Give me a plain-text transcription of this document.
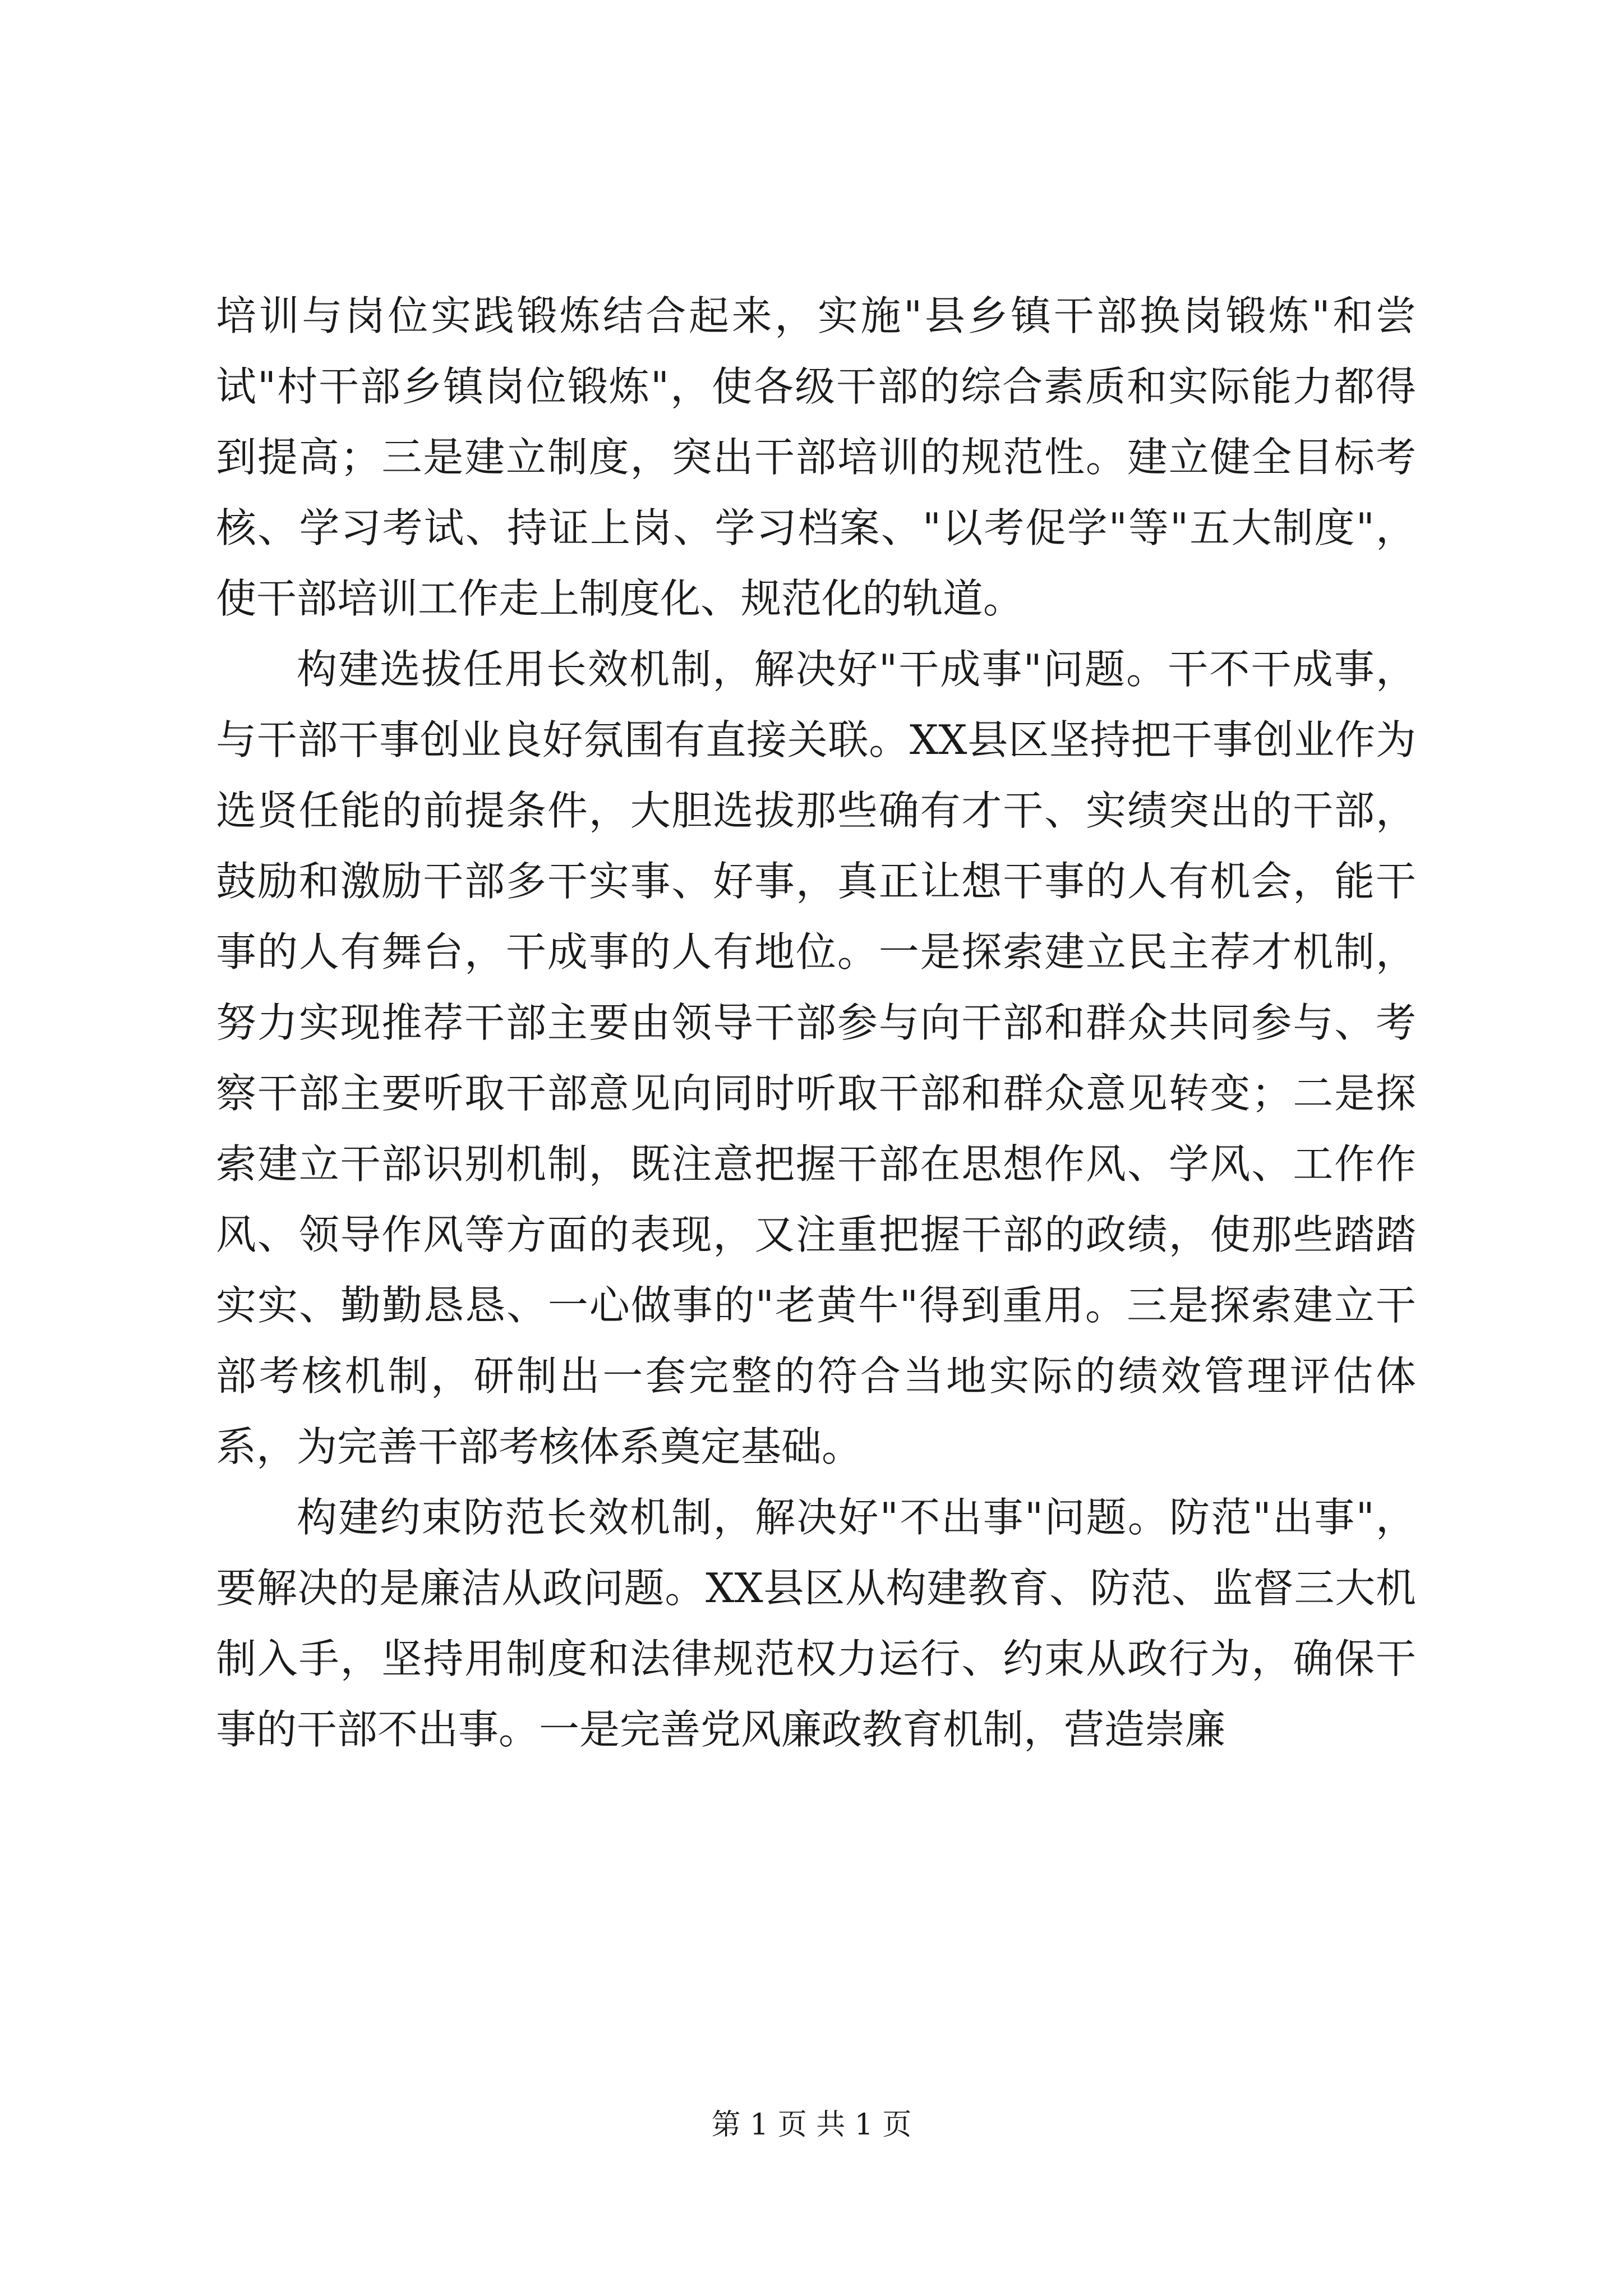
培训与岗位实践锻炼结合起来，实施"县乡镇干部换岗锻炼"和尝试"村干部乡镇岗位锻炼"，使各级干部的综合素质和实际能力都得到提高；三是建立制度，突出干部培训的规范性。建立健全目标考核、学习考试、持证上岗、学习档案、"以考促学"等"五大制度"，使干部培训工作走上制度化、规范化的轨道。

构建选拔任用长效机制，解决好"干成事"问题。干不干成事，与干部干事创业良好氛围有直接关联。XX县区坚持把干事创业作为选贤任能的前提条件，大胆选拔那些确有才干、实绩突出的干部，鼓励和激励干部多干实事、好事，真正让想干事的人有机会，能干事的人有舞台，干成事的人有地位。一是探索建立民主荐才机制，努力实现推荐干部主要由领导干部参与向干部和群众共同参与、考察干部主要听取干部意见向同时听取干部和群众意见转变；二是探索建立干部识别机制，既注意把握干部在思想作风、学风、工作作风、领导作风等方面的表现，又注重把握干部的政绩，使那些踏踏实实、勤勤恳恳、一心做事的"老黄牛"得到重用。三是探索建立干部考核机制，研制出一套完整的符合当地实际的绩效管理评估体系，为完善干部考核体系奠定基础。

构建约束防范长效机制，解决好"不出事"问题。防范"出事"，要解决的是廉洁从政问题。XX县区从构建教育、防范、监督三大机制入手，坚持用制度和法律规范权力运行、约束从政行为，确保干事的干部不出事。一是完善党风廉政教育机制，营造崇廉

第 1 页 共 1 页
